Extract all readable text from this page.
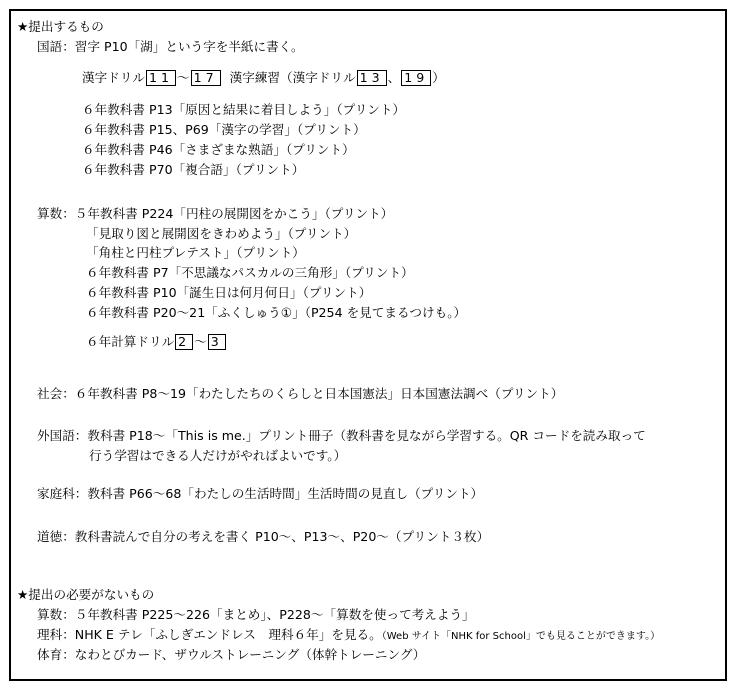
★提出するもの
国語：習字 P10「湖」という字を半紙に書く。
漢字ドリル 11 〜 17 漢字練習（漢字ドリル 13 、 19 ）
６年教科書 P13「原因と結果に着目しよう」（プリント）
６年教科書 P15、P69「漢字の学習」（プリント）
６年教科書 P46「さまざまな熟語」（プリント）
６年教科書 P70「複合語」（プリント）
算数：５年教科書 P224「円柱の展開図をかこう」（プリント）
「見取り図と展開図をきわめよう」（プリント）
「角柱と円柱プレテスト」（プリント）
６年教科書 P7「不思議なパスカルの三角形」（プリント）
６年教科書 P10「誕生日は何月何日」（プリント）
６年教科書 P20〜21「ふくしゅう①」（P254 を見てまるつけも。）
６年計算ドリル 2 〜 3
社会：６年教科書 P8〜19「わたしたちのくらしと日本国憲法」日本国憲法調べ（プリント）
外国語：教科書 P18〜「This is me.」プリント冊子（教科書を見ながら学習する。QR コードを読み取って
行う学習はできる人だけがやればよいです。）
家庭科：教科書 P66〜68「わたしの生活時間」生活時間の見直し（プリント）
道徳：教科書読んで自分の考えを書く P10〜、P13〜、P20〜（プリント３枚）
★提出の必要がないもの
算数：５年教科書 P225〜226「まとめ」、P228〜「算数を使って考えよう」
理科：NHK E テレ「ふしぎエンドレス　理科６年」を見る。（Web サイト「NHK for School」でも見ることができます。）
体育：なわとびカード、ザウルストレーニング（体幹トレーニング）
